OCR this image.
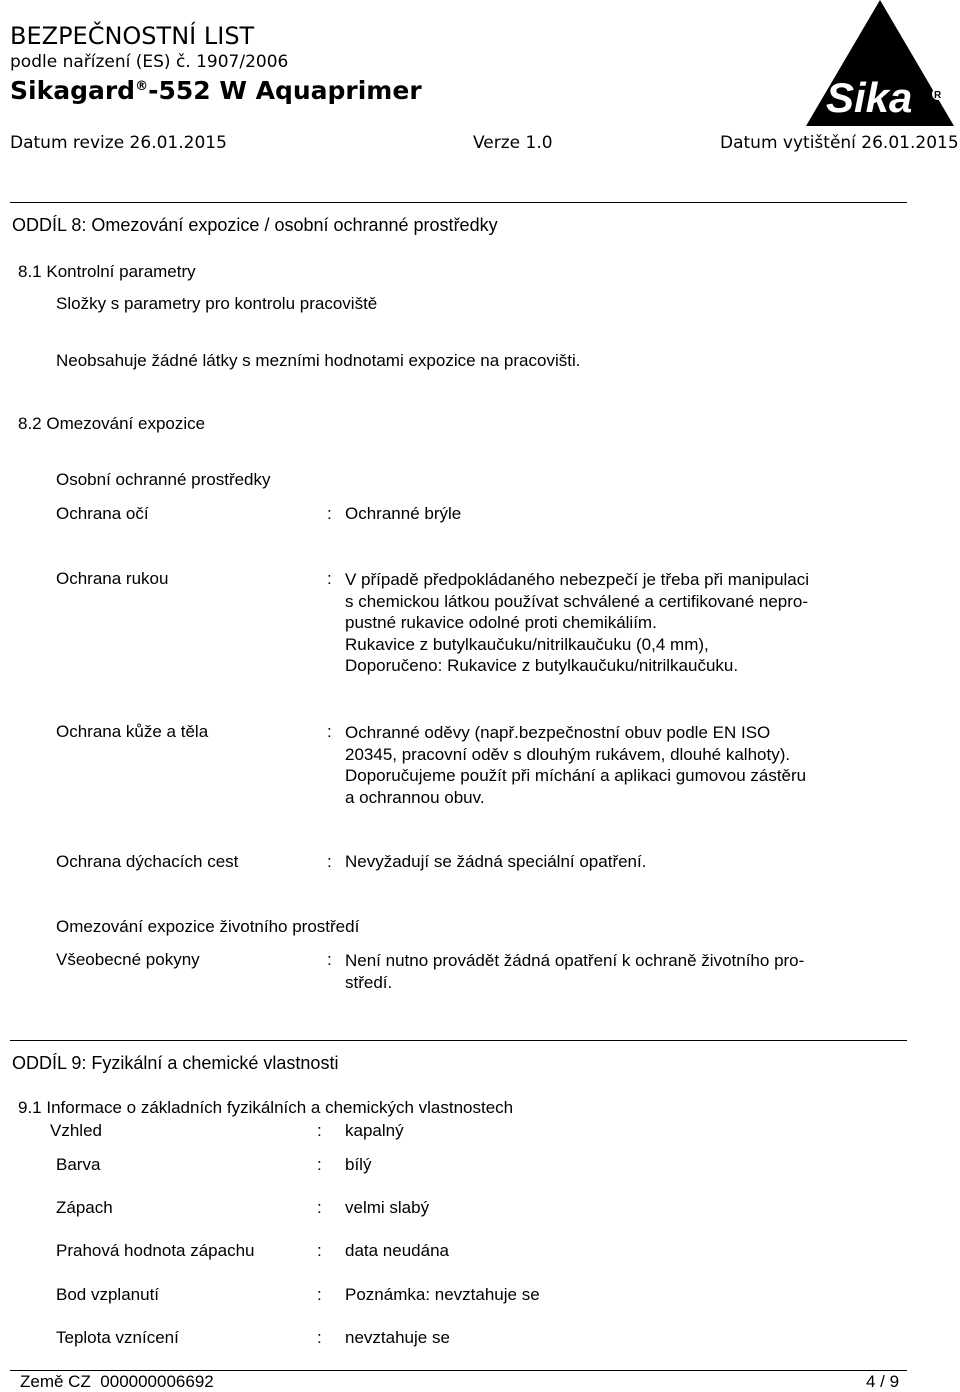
BEZPEČNOSTNÍ LIST
podle nařízení (ES) č. 1907/2006
Sikagard®-552 W Aquaprimer
Datum revize 26.01.2015	Verze 1.0	Datum vytištění 26.01.2015
Sika R
ODDÍL 8: Omezování expozice / osobní ochranné prostředky
8.1 Kontrolní parametry
Složky s parametry pro kontrolu pracoviště
Neobsahuje žádné látky s mezními hodnotami expozice na pracovišti.
8.2 Omezování expozice
Osobní ochranné prostředky
Ochrana očí	: Ochranné brýle
Ochrana rukou	: V případě předpokládaného nebezpečí je třeba při manipulaci
s chemickou látkou používat schválené a certifikované nepro-
pustné rukavice odolné proti chemikáliím.
Rukavice z butylkaučuku/nitrilkaučuku (0,4 mm),
Doporučeno: Rukavice z butylkaučuku/nitrilkaučuku.
Ochrana kůže a těla	: Ochranné oděvy (např.bezpečnostní obuv podle EN ISO
20345, pracovní oděv s dlouhým rukávem, dlouhé kalhoty).
Doporučujeme použít při míchání a aplikaci gumovou zástěru
a ochrannou obuv.
Ochrana dýchacích cest	: Nevyžadují se žádná speciální opatření.
Omezování expozice životního prostředí
Všeobecné pokyny	: Není nutno provádět žádná opatření k ochraně životního pro-
středí.
ODDÍL 9: Fyzikální a chemické vlastnosti
9.1 Informace o základních fyzikálních a chemických vlastnostech
Vzhled	: kapalný
Barva	: bílý
Zápach	: velmi slabý
Prahová hodnota zápachu	: data neudána
Bod vzplanutí	: Poznámka: nevztahuje se
Teplota vznícení	: nevztahuje se
Země CZ  000000006692	4 / 9
